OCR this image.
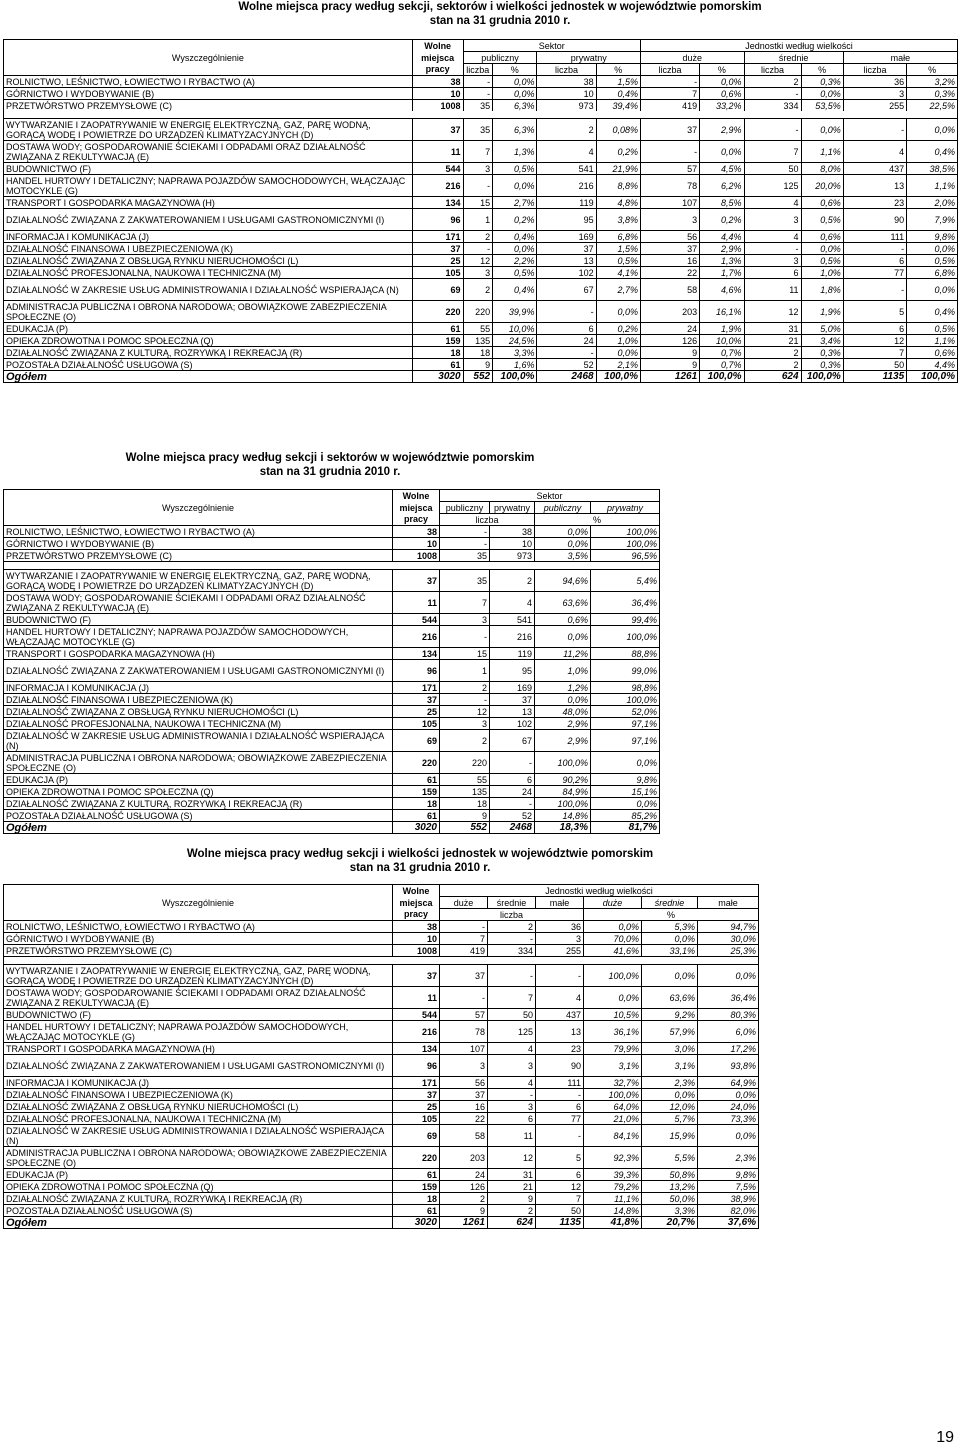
Wolne miejsca pracy według sekcji, sektorów i wielkości jednostek w województwie pomorskim
stan na 31 grudnia 2010 r.
	Wolne	Sektor				Jednostki według wielkości					
Wyszczególnienie	miejsca	publiczny		prywatny		duże		średnie		małe	
	pracy	liczba	%	liczba	%	liczba	%	liczba	%	liczba	%
ROLNICTWO, LEŚNICTWO, ŁOWIECTWO I RYBACTWO (A)	38	-	0,0%	38	1,5%	-	0,0%	2	0,3%	36	3,2%
GÓRNICTWO I WYDOBYWANIE (B)	10	-	0,0%	10	0,4%	7	0,6%	-	0,0%	3	0,3%
PRZETWÓRSTWO PRZEMYSŁOWE (C)	1008	35	6,3%	973	39,4%	419	33,2%	334	53,5%	255	22,5%

WYTWARZANIE I ZAOPATRYWANIE W ENERGIĘ ELEKTRYCZNĄ, GAZ, PARĘ WODNĄ, GORĄCĄ WODĘ I POWIETRZE DO URZĄDZEŃ KLIMATYZACYJNYCH (D)	37	35	6,3%	2	0,08%	37	2,9%	-	0,0%	-	0,0%
DOSTAWA WODY; GOSPODAROWANIE ŚCIEKAMI I ODPADAMI ORAZ DZIAŁALNOŚĆ ZWIĄZANA Z REKULTYWACJĄ (E)	11	7	1,3%	4	0,2%	-	0,0%	7	1,1%	4	0,4%
BUDOWNICTWO (F)	544	3	0,5%	541	21,9%	57	4,5%	50	8,0%	437	38,5%
HANDEL HURTOWY I DETALICZNY; NAPRAWA POJAZDÓW SAMOCHODOWYCH, WŁĄCZAJĄC MOTOCYKLE (G)	216	-	0,0%	216	8,8%	78	6,2%	125	20,0%	13	1,1%
TRANSPORT I GOSPODARKA MAGAZYNOWA (H)	134	15	2,7%	119	4,8%	107	8,5%	4	0,6%	23	2,0%
DZIAŁALNOŚĆ ZWIĄZANA Z ZAKWATEROWANIEM I USŁUGAMI GASTRONOMICZNYMI (I)	96	1	0,2%	95	3,8%	3	0,2%	3	0,5%	90	7,9%
INFORMACJA I KOMUNIKACJA (J)	171	2	0,4%	169	6,8%	56	4,4%	4	0,6%	111	9,8%
DZIAŁALNOŚĆ FINANSOWA I UBEZPIECZENIOWA (K)	37	-	0,0%	37	1,5%	37	2,9%	-	0,0%	-	0,0%
DZIAŁALNOŚĆ ZWIĄZANA Z OBSŁUGĄ RYNKU NIERUCHOMOŚCI (L)	25	12	2,2%	13	0,5%	16	1,3%	3	0,5%	6	0,5%
DZIAŁALNOŚĆ PROFESJONALNA, NAUKOWA I TECHNICZNA (M)	105	3	0,5%	102	4,1%	22	1,7%	6	1,0%	77	6,8%
DZIAŁALNOŚĆ W ZAKRESIE USŁUG ADMINISTROWANIA I DZIAŁALNOŚĆ WSPIERAJĄCA (N)	69	2	0,4%	67	2,7%	58	4,6%	11	1,8%	-	0,0%
ADMINISTRACJA PUBLICZNA I OBRONA NARODOWA; OBOWIĄZKOWE ZABEZPIECZENIA SPOŁECZNE (O)	220	220	39,9%	-	0,0%	203	16,1%	12	1,9%	5	0,4%
EDUKACJA (P)	61	55	10,0%	6	0,2%	24	1,9%	31	5,0%	6	0,5%
OPIEKA ZDROWOTNA I POMOC SPOŁECZNA (Q)	159	135	24,5%	24	1,0%	126	10,0%	21	3,4%	12	1,1%
DZIAŁALNOŚĆ ZWIĄZANA Z KULTURĄ, ROZRYWKĄ I REKREACJĄ (R)	18	18	3,3%	-	0,0%	9	0,7%	2	0,3%	7	0,6%
POZOSTAŁA DZIAŁALNOŚĆ USŁUGOWA (S)	61	9	1,6%	52	2,1%	9	0,7%	2	0,3%	50	4,4%
Ogółem	3020	552	100,0%	2468	100,0%	1261	100,0%	624	100,0%	1135	100,0%
Wolne miejsca pracy według sekcji i sektorów w województwie pomorskim
stan na 31 grudnia 2010 r.
	Wolne	Sektor			
Wyszczególnienie	miejsca	publiczny	prywatny	publiczny	prywatny
	pracy	liczba		%	
ROLNICTWO, LEŚNICTWO, ŁOWIECTWO I RYBACTWO (A)	38	-	38	0,0%	100,0%
GÓRNICTWO I WYDOBYWANIE (B)	10	-	10	0,0%	100,0%
PRZETWÓRSTWO PRZEMYSŁOWE (C)	1008	35	973	3,5%	96,5%

WYTWARZANIE I ZAOPATRYWANIE W ENERGIĘ ELEKTRYCZNĄ, GAZ, PARĘ WODNĄ, GORĄCĄ WODĘ I POWIETRZE DO URZĄDZEŃ KLIMATYZACYJNYCH (D)	37	35	2	94,6%	5,4%
DOSTAWA WODY; GOSPODAROWANIE ŚCIEKAMI I ODPADAMI ORAZ DZIAŁALNOŚĆ ZWIĄZANA Z REKULTYWACJĄ (E)	11	7	4	63,6%	36,4%
BUDOWNICTWO (F)	544	3	541	0,6%	99,4%
HANDEL HURTOWY I DETALICZNY; NAPRAWA POJAZDÓW SAMOCHODOWYCH, WŁĄCZAJĄC MOTOCYKLE (G)	216	-	216	0,0%	100,0%
TRANSPORT I GOSPODARKA MAGAZYNOWA (H)	134	15	119	11,2%	88,8%
DZIAŁALNOŚĆ ZWIĄZANA Z ZAKWATEROWANIEM I USŁUGAMI GASTRONOMICZNYMI (I)	96	1	95	1,0%	99,0%
INFORMACJA I KOMUNIKACJA (J)	171	2	169	1,2%	98,8%
DZIAŁALNOŚĆ FINANSOWA I UBEZPIECZENIOWA (K)	37	-	37	0,0%	100,0%
DZIAŁALNOŚĆ ZWIĄZANA Z OBSŁUGĄ RYNKU NIERUCHOMOŚCI (L)	25	12	13	48,0%	52,0%
DZIAŁALNOŚĆ PROFESJONALNA, NAUKOWA I TECHNICZNA (M)	105	3	102	2,9%	97,1%
DZIAŁALNOŚĆ W ZAKRESIE USŁUG ADMINISTROWANIA I DZIAŁALNOŚĆ WSPIERAJĄCA (N)	69	2	67	2,9%	97,1%
ADMINISTRACJA PUBLICZNA I OBRONA NARODOWA; OBOWIĄZKOWE ZABEZPIECZENIA SPOŁECZNE (O)	220	220	-	100,0%	0,0%
EDUKACJA (P)	61	55	6	90,2%	9,8%
OPIEKA ZDROWOTNA I POMOC SPOŁECZNA (Q)	159	135	24	84,9%	15,1%
DZIAŁALNOŚĆ ZWIĄZANA Z KULTURĄ, ROZRYWKĄ I REKREACJĄ (R)	18	18	-	100,0%	0,0%
POZOSTAŁA DZIAŁALNOŚĆ USŁUGOWA (S)	61	9	52	14,8%	85,2%
Ogółem	3020	552	2468	18,3%	81,7%
Wolne miejsca pracy według sekcji i wielkości jednostek w województwie pomorskim
stan na 31 grudnia 2010 r.
	Wolne	Jednostki według wielkości					
Wyszczególnienie	miejsca	duże	średnie	małe	duże	średnie	małe
	pracy	liczba			%		
ROLNICTWO, LEŚNICTWO, ŁOWIECTWO I RYBACTWO (A)	38	-	2	36	0,0%	5,3%	94,7%
GÓRNICTWO I WYDOBYWANIE (B)	10	7	-	3	70,0%	0,0%	30,0%
PRZETWÓRSTWO PRZEMYSŁOWE (C)	1008	419	334	255	41,6%	33,1%	25,3%

WYTWARZANIE I ZAOPATRYWANIE W ENERGIĘ ELEKTRYCZNĄ, GAZ, PARĘ WODNĄ, GORĄCĄ WODĘ I POWIETRZE DO URZĄDZEŃ KLIMATYZACYJNYCH (D)	37	37	-	-	100,0%	0,0%	0,0%
DOSTAWA WODY; GOSPODAROWANIE ŚCIEKAMI I ODPADAMI ORAZ DZIAŁALNOŚĆ ZWIĄZANA Z REKULTYWACJĄ (E)	11	-	7	4	0,0%	63,6%	36,4%
BUDOWNICTWO (F)	544	57	50	437	10,5%	9,2%	80,3%
HANDEL HURTOWY I DETALICZNY; NAPRAWA POJAZDÓW SAMOCHODOWYCH, WŁĄCZAJĄC MOTOCYKLE (G)	216	78	125	13	36,1%	57,9%	6,0%
TRANSPORT I GOSPODARKA MAGAZYNOWA (H)	134	107	4	23	79,9%	3,0%	17,2%
DZIAŁALNOŚĆ ZWIĄZANA Z ZAKWATEROWANIEM I USŁUGAMI GASTRONOMICZNYMI (I)	96	3	3	90	3,1%	3,1%	93,8%
INFORMACJA I KOMUNIKACJA (J)	171	56	4	111	32,7%	2,3%	64,9%
DZIAŁALNOŚĆ FINANSOWA I UBEZPIECZENIOWA (K)	37	37	-	-	100,0%	0,0%	0,0%
DZIAŁALNOŚĆ ZWIĄZANA Z OBSŁUGĄ RYNKU NIERUCHOMOŚCI (L)	25	16	3	6	64,0%	12,0%	24,0%
DZIAŁALNOŚĆ PROFESJONALNA, NAUKOWA I TECHNICZNA (M)	105	22	6	77	21,0%	5,7%	73,3%
DZIAŁALNOŚĆ W ZAKRESIE USŁUG ADMINISTROWANIA I DZIAŁALNOŚĆ WSPIERAJĄCA (N)	69	58	11	-	84,1%	15,9%	0,0%
ADMINISTRACJA PUBLICZNA I OBRONA NARODOWA; OBOWIĄZKOWE ZABEZPIECZENIA SPOŁECZNE (O)	220	203	12	5	92,3%	5,5%	2,3%
EDUKACJA (P)	61	24	31	6	39,3%	50,8%	9,8%
OPIEKA ZDROWOTNA I POMOC SPOŁECZNA (Q)	159	126	21	12	79,2%	13,2%	7,5%
DZIAŁALNOŚĆ ZWIĄZANA Z KULTURĄ, ROZRYWKĄ I REKREACJĄ (R)	18	2	9	7	11,1%	50,0%	38,9%
POZOSTAŁA DZIAŁALNOŚĆ USŁUGOWA (S)	61	9	2	50	14,8%	3,3%	82,0%
Ogółem	3020	1261	624	1135	41,8%	20,7%	37,6%
19
